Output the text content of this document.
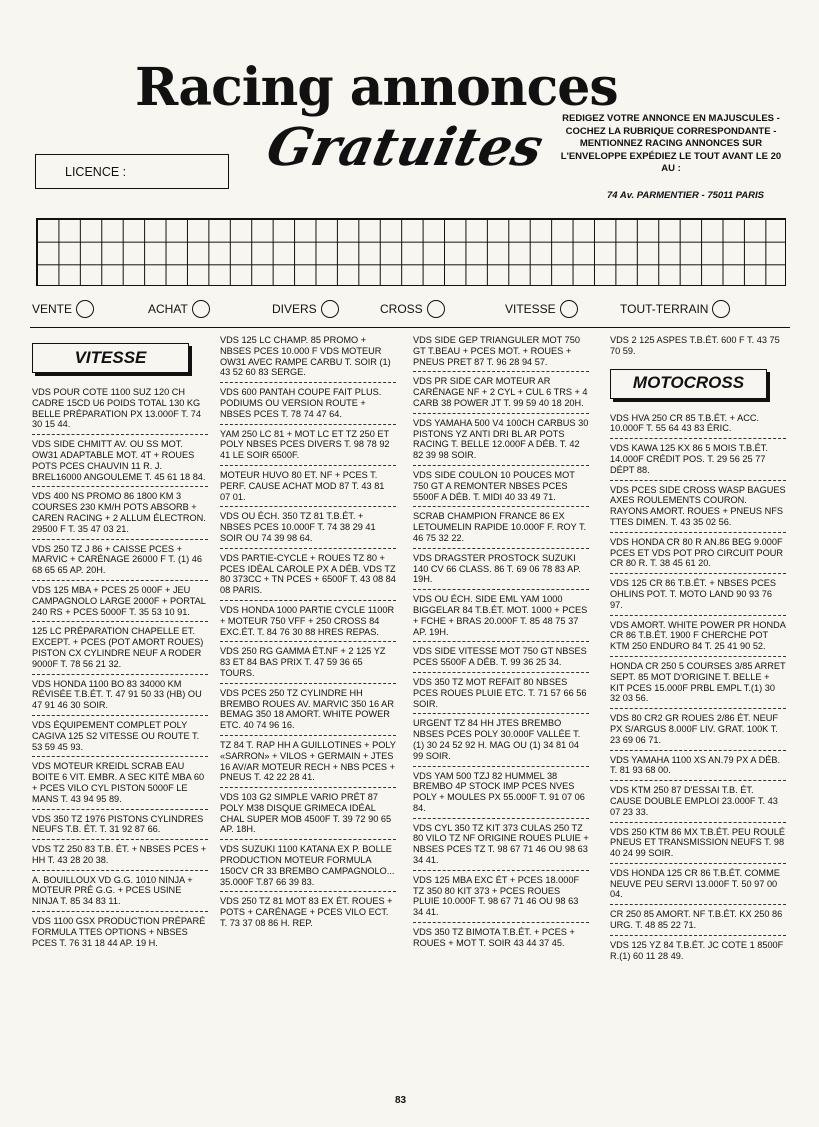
Racing annonces
Gratuites
LICENCE :
REDIGEZ VOTRE ANNONCE EN MAJUSCULES - COCHEZ LA RUBRIQUE CORRESPONDANTE - MENTIONNEZ RACING ANNONCES SUR L'ENVELOPPE EXPÉDIEZ LE TOUT AVANT LE 20 AU :
74 Av. PARMENTIER - 75011 PARIS
VENTE	ACHAT	DIVERS	CROSS	VITESSE	TOUT-TERRAIN
VITESSE
VDS POUR COTE 1100 SUZ 120 CH CADRE 15CD U6 POIDS TOTAL 130 KG BELLE PRÉPARATION PX 13.000F T. 74 30 15 44.
VDS SIDE CHMITT AV. OU SS MOT. OW31 ADAPTABLE MOT. 4T + ROUES POTS PCES CHAUVIN 11 R. J. BREL16000 ANGOULEME T. 45 61 18 84.
VDS 400 NS PROMO 86 1800 KM 3 COURSES 230 KM/H POTS ABSORB + CAREN RACING + 2 ALLUM ÉLECTRON. 29500 F T. 35 47 03 21.
VDS 250 TZ J 86 + CAISSE PCES + MARVIC + CARÉNAGE 26000 F T. (1) 46 68 65 65 AP. 20H.
VDS 125 MBA + PCES 25 000F + JEU CAMPAGNOLO LARGE 2000F + PORTAL 240 RS + PCES 5000F T. 35 53 10 91.
125 LC PRÉPARATION CHAPELLE ET. EXCEPT. + PCES (POT AMORT ROUES) PISTON CX CYLINDRE NEUF A RODER 9000F T. 78 56 21 32.
VDS HONDA 1100 BO 83 34000 KM RÉVISÉE T.B.ÉT. T. 47 91 50 33 (HB) OU 47 91 46 30 SOIR.
VDS ÉQUIPEMENT COMPLET POLY CAGIVA 125 S2 VITESSE OU ROUTE T. 53 59 45 93.
VDS MOTEUR KREIDL SCRAB EAU BOITE 6 VIT. EMBR. A SEC KITÉ MBA 60 + PCES VILO CYL PISTON 5000F LE MANS T. 43 94 95 89.
VDS 350 TZ 1976 PISTONS CYLINDRES NEUFS T.B. ÉT. T. 31 92 87 66.
VDS TZ 250 83 T.B. ÉT. + NBSES PCES + HH T. 43 28 20 38.
A. BOUILLOUX VD G.G. 1010 NINJA + MOTEUR PRÉ G.G. + PCES USINE NINJA T. 85 34 83 11.
VDS 1100 GSX PRODUCTION PRÉPARÉ FORMULA TTES OPTIONS + NBSES PCES T. 76 31 18 44 AP. 19 H.
VDS 125 LC CHAMP. 85 PROMO + NBSES PCES 10.000 F VDS MOTEUR OW31 AVEC RAMPE CARBU T. SOIR (1) 43 52 60 83 SERGE.
VDS 600 PANTAH COUPE FAIT PLUS. PODIUMS OU VERSION ROUTE + NBSES PCES T. 78 74 47 64.
YAM 250 LC 81 + MOT LC ET TZ 250 ET POLY NBSES PCES DIVERS T. 98 78 92 41 LE SOIR 6500F.
MOTEUR HUVO 80 ET. NF + PCES T. PERF. CAUSE ACHAT MOD 87 T. 43 81 07 01.
VDS OU ÉCH. 350 TZ 81 T.B.ÉT. + NBSES PCES 10.000F T. 74 38 29 41 SOIR OU 74 39 98 64.
VDS PARTIE-CYCLE + ROUES TZ 80 + PCES IDÉAL CAROLE PX A DÉB. VDS TZ 80 373CC + TN PCES + 6500F T. 43 08 84 08 PARIS.
VDS HONDA 1000 PARTIE CYCLE 1100R + MOTEUR 750 VFF + 250 CROSS 84 EXC.ÉT. T. 84 76 30 88 HRES REPAS.
VDS 250 RG GAMMA ÉT.NF + 2 125 YZ 83 ET 84 BAS PRIX T. 47 59 36 65 TOURS.
VDS PCES 250 TZ CYLINDRE HH BREMBO ROUES AV. MARVIC 350 16 AR BEMAG 350 18 AMORT. WHITE POWER ETC. 40 74 96 16.
TZ 84 T. RAP HH A GUILLOTINES + POLY «SARRON» + VILOS + GERMAIN + JTES 16 AV/AR MOTEUR RECH + NBS PCES + PNEUS T. 42 22 28 41.
VDS 103 G2 SIMPLE VARIO PRÉT 87 POLY M38 DISQUE GRIMECA IDÉAL CHAL SUPER MOB 4500F T. 39 72 90 65 AP. 18H.
VDS SUZUKI 1100 KATANA EX P. BOLLE PRODUCTION MOTEUR FORMULA 150CV CR 33 BREMBO CAMPAGNOLO... 35.000F T.87 66 39 83.
VDS 250 TZ 81 MOT 83 EX ÉT. ROUES + POTS + CARÉNAGE + PCES VILO ECT. T. 73 37 08 86 H. REP.
VDS SIDE GEP TRIANGULER MOT 750 GT T.BEAU + PCES MOT. + ROUES + PNEUS PRET 87 T. 96 28 94 57.
VDS PR SIDE CAR MOTEUR AR CARÉNAGE NF + 2 CYL + CUL 6 TRS + 4 CARB 38 POWER JT T. 99 59 40 18 20H.
VDS YAMAHA 500 V4 100CH CARBUS 30 PISTONS YZ ANTI DRI BL AR POTS RACING T. BELLE 12.000F A DÉB. T. 42 82 39 98 SOIR.
VDS SIDE COULON 10 POUCES MOT 750 GT A REMONTER NBSES PCES 5500F A DÉB. T. MIDI 40 33 49 71.
SCRAB CHAMPION FRANCE 86 EX LETOUMELIN RAPIDE 10.000F F. ROY T. 46 75 32 22.
VDS DRAGSTER PROSTOCK SUZUKI 140 CV 66 CLASS. 86 T. 69 06 78 83 AP. 19H.
VDS OU ÉCH. SIDE EML YAM 1000 BIGGELAR 84 T.B.ÉT. MOT. 1000 + PCES + FCHE + BRAS 20.000F T. 85 48 75 37 AP. 19H.
VDS SIDE VITESSE MOT 750 GT NBSES PCES 5500F A DÉB. T. 99 36 25 34.
VDS 350 TZ MOT REFAIT 80 NBSES PCES ROUES PLUIE ETC. T. 71 57 66 56 SOIR.
URGENT TZ 84 HH JTES BREMBO NBSES PCES POLY 30.000F VALLÉE T.(1) 30 24 52 92 H. MAG OU (1) 34 81 04 99 SOIR.
VDS YAM 500 TZJ 82 HUMMEL 38 BREMBO 4P STOCK IMP PCES NVES POLY + MOULES PX 55.000F T. 91 07 06 84.
VDS CYL 350 TZ KIT 373 CULAS 250 TZ 80 VILO TZ NF ORIGINE ROUES PLUIE + NBSES PCES TZ T. 98 67 71 46 OU 98 63 34 41.
VDS 125 MBA EXC ÉT + PCES 18.000F TZ 350 80 KIT 373 + PCES ROUES PLUIE 10.000F T. 98 67 71 46 OU 98 63 34 41.
VDS 350 TZ BIMOTA T.B.ÉT. + PCES + ROUES + MOT T. SOIR 43 44 37 45.
VDS 2 125 ASPES T.B.ÉT. 600 F T. 43 75 70 59.
MOTOCROSS
VDS HVA 250 CR 85 T.B.ÉT. + ACC. 10.000F T. 55 64 43 83 ÉRIC.
VDS KAWA 125 KX 86 5 MOIS T.B.ÉT. 14.000F CRÉDIT POS. T. 29 56 25 77 DÉPT 88.
VDS PCES SIDE CROSS WASP BAGUES AXES ROULEMENTS COURON. RAYONS AMORT. ROUES + PNEUS NFS TTES DIMEN. T. 43 35 02 56.
VDS HONDA CR 80 R AN.86 BEG 9.000F PCES ET VDS POT PRO CIRCUIT POUR CR 80 R. T. 38 45 61 20.
VDS 125 CR 86 T.B.ÉT. + NBSES PCES OHLINS POT. T. MOTO LAND 90 93 76 97.
VDS AMORT. WHITE POWER PR HONDA CR 86 T.B.ÉT. 1900 F CHERCHE POT KTM 250 ENDURO 84 T. 25 41 90 52.
HONDA CR 250 5 COURSES 3/85 ARRET SEPT. 85 MOT D'ORIGINE T. BELLE + KIT PCES 15.000F PRBL EMPL T.(1) 30 32 03 56.
VDS 80 CR2 GR ROUES 2/86 ÉT. NEUF PX S/ARGUS 8.000F LIV. GRAT. 100K T. 23 69 06 71.
VDS YAMAHA 1100 XS AN.79 PX A DÉB. T. 81 93 68 00.
VDS KTM 250 87 D'ESSAI T.B. ÉT. CAUSE DOUBLE EMPLOI 23.000F T. 43 07 23 33.
VDS 250 KTM 86 MX T.B.ÉT. PEU ROULÉ PNEUS ET TRANSMISSION NEUFS T. 98 40 24 99 SOIR.
VDS HONDA 125 CR 86 T.B.ÉT. COMME NEUVE PEU SERVI 13.000F T. 50 97 00 04.
CR 250 85 AMORT. NF T.B.ÉT. KX 250 86 URG. T. 48 85 22 71.
VDS 125 YZ 84 T.B.ÉT. JC COTE 1 8500F R.(1) 60 11 28 49.
83
